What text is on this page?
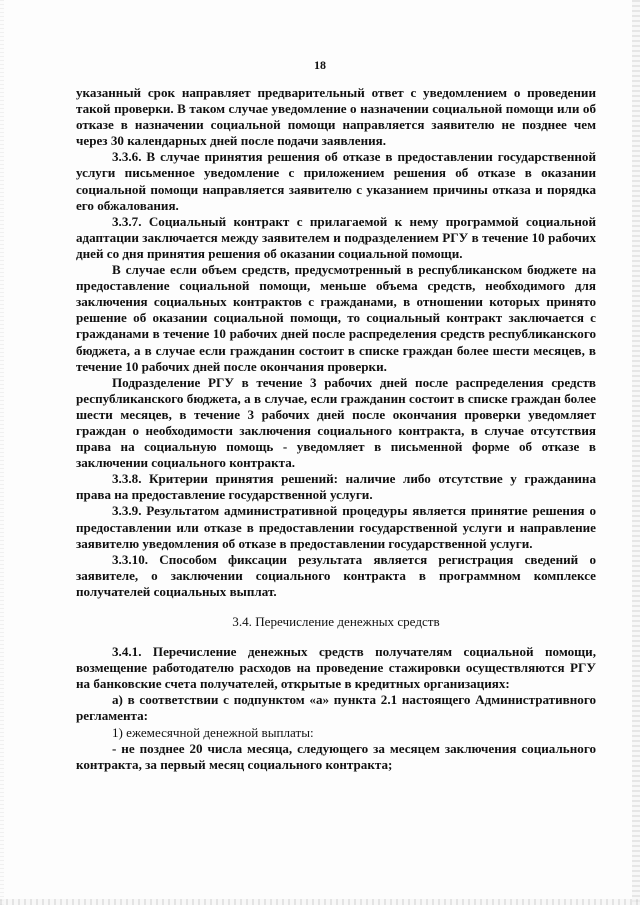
18

указанный срок направляет предварительный ответ с уведомлением о проведении такой проверки. В таком случае уведомление о назначении социальной помощи или об отказе в назначении социальной помощи направляется заявителю не позднее чем через 30 календарных дней после подачи заявления.

3.3.6. В случае принятия решения об отказе в предоставлении государственной услуги письменное уведомление с приложением решения об отказе в оказании социальной помощи направляется заявителю с указанием причины отказа и порядка его обжалования.

3.3.7. Социальный контракт с прилагаемой к нему программой социальной адаптации заключается между заявителем и подразделением РГУ в течение 10 рабочих дней со дня принятия решения об оказании социальной помощи.

В случае если объем средств, предусмотренный в республиканском бюджете на предоставление социальной помощи, меньше объема средств, необходимого для заключения социальных контрактов с гражданами, в отношении которых принято решение об оказании социальной помощи, то социальный контракт заключается с гражданами в течение 10 рабочих дней после распределения средств республиканского бюджета, а в случае если гражданин состоит в списке граждан более шести месяцев, в течение 10 рабочих дней после окончания проверки.

Подразделение РГУ в течение 3 рабочих дней после распределения средств республиканского бюджета, а в случае, если гражданин состоит в списке граждан более шести месяцев, в течение 3 рабочих дней после окончания проверки уведомляет граждан о необходимости заключения социального контракта, в случае отсутствия права на социальную помощь - уведомляет в письменной форме об отказе в заключении социального контракта.

3.3.8. Критерии принятия решений: наличие либо отсутствие у гражданина права на предоставление государственной услуги.

3.3.9. Результатом административной процедуры является принятие решения о предоставлении или отказе в предоставлении государственной услуги и направление заявителю уведомления об отказе в предоставлении государственной услуги.

3.3.10. Способом фиксации результата является регистрация сведений о заявителе, о заключении социального контракта в программном комплексе получателей социальных выплат.

3.4. Перечисление денежных средств

3.4.1. Перечисление денежных средств получателям социальной помощи, возмещение работодателю расходов на проведение стажировки осуществляются РГУ на банковские счета получателей, открытые в кредитных организациях:

а) в соответствии с подпунктом «а» пункта 2.1 настоящего Административного регламента:

1) ежемесячной денежной выплаты:

- не позднее 20 числа месяца, следующего за месяцем заключения социального контракта, за первый месяц социального контракта;
